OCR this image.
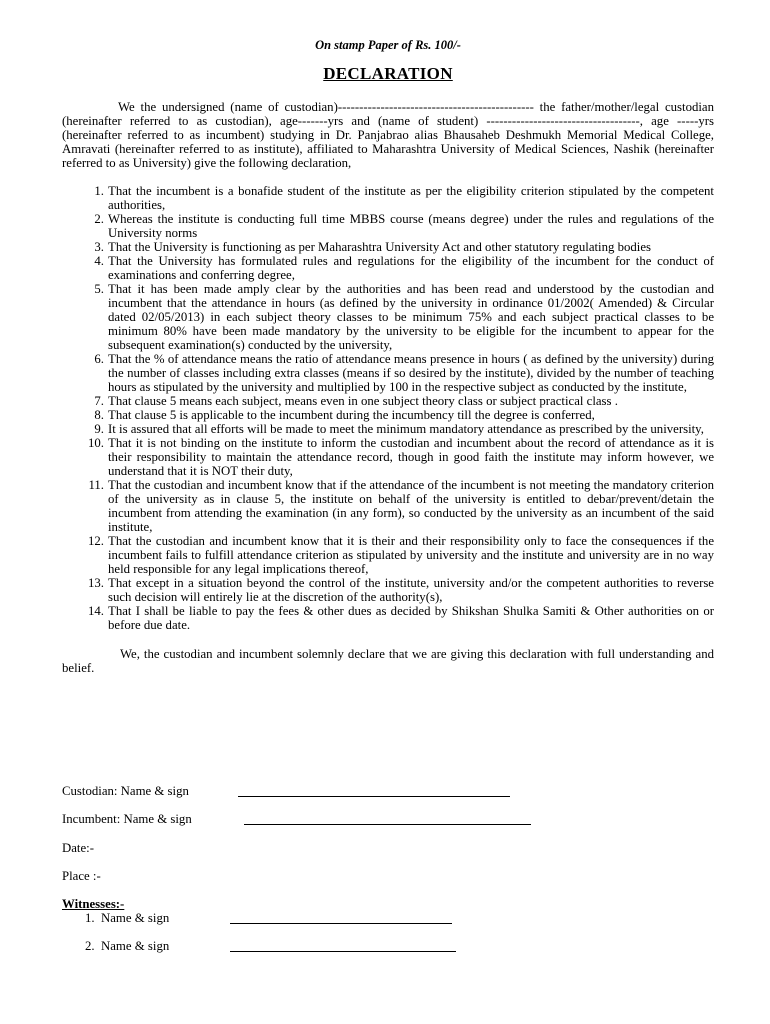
On stamp Paper of Rs. 100/-
DECLARATION

We the undersigned (name of custodian)---------------------------------------------- the father/mother/legal custodian (hereinafter referred to as custodian), age-------yrs and (name of student) ------------------------------------, age -----yrs (hereinafter referred to as incumbent) studying in Dr. Panjabrao alias Bhausaheb Deshmukh Memorial Medical College, Amravati (hereinafter referred to as institute), affiliated to Maharashtra University of Medical Sciences, Nashik (hereinafter referred to as University) give the following declaration,

1. That the incumbent is a bonafide student of the institute as per the eligibility criterion stipulated by the competent authorities,
2. Whereas the institute is conducting full time MBBS course (means degree) under the rules and regulations of the University norms
3. That the University is functioning as per Maharashtra University Act and other statutory regulating bodies
4. That the University has formulated rules and regulations for the eligibility of the incumbent for the conduct of examinations and conferring degree,
5. That it has been made amply clear by the authorities and has been read and understood by the custodian and incumbent that the attendance in hours (as defined by the university in ordinance 01/2002( Amended) & Circular dated 02/05/2013) in each subject theory classes to be minimum 75% and each subject practical classes to be minimum 80% have been made mandatory by the university to be eligible for the incumbent to appear for the subsequent examination(s) conducted by the university,
6. That the % of attendance means the ratio of attendance means presence in hours ( as defined by the university) during the number of classes including extra classes (means if so desired by the institute), divided by the number of teaching hours as stipulated by the university and multiplied by 100 in the respective subject as conducted by the institute,
7. That clause 5 means each subject, means even in one subject theory class or subject practical class .
8. That clause 5 is applicable to the incumbent during the incumbency till the degree is conferred,
9. It is assured that all efforts will be made to meet the minimum mandatory attendance as prescribed by the university,
10. That it is not binding on the institute to inform the custodian and incumbent about the record of attendance as it is their responsibility to maintain the attendance record, though in good faith the institute may inform however, we understand that it is NOT their duty,
11. That the custodian and incumbent know that if the attendance of the incumbent is not meeting the mandatory criterion of the university as in clause 5, the institute on behalf of the university is entitled to debar/prevent/detain the incumbent from attending the examination (in any form), so conducted by the university as an incumbent of the said institute,
12. That the custodian and incumbent know that it is their and their responsibility only to face the consequences if the incumbent fails to fulfill attendance criterion as stipulated by university and the institute and university are in no way held responsible for any legal implications thereof,
13. That except in a situation beyond the control of the institute, university and/or the competent authorities to reverse such decision will entirely lie at the discretion of the authority(s),
14. That I shall be liable to pay the fees & other dues as decided by Shikshan Shulka Samiti & Other authorities on or before due date.

We, the custodian and incumbent solemnly declare that we are giving this declaration with full understanding and belief.

Custodian: Name & sign
Incumbent: Name & sign
Date:-
Place :-
Witnesses:-
1. Name & sign
2. Name & sign
